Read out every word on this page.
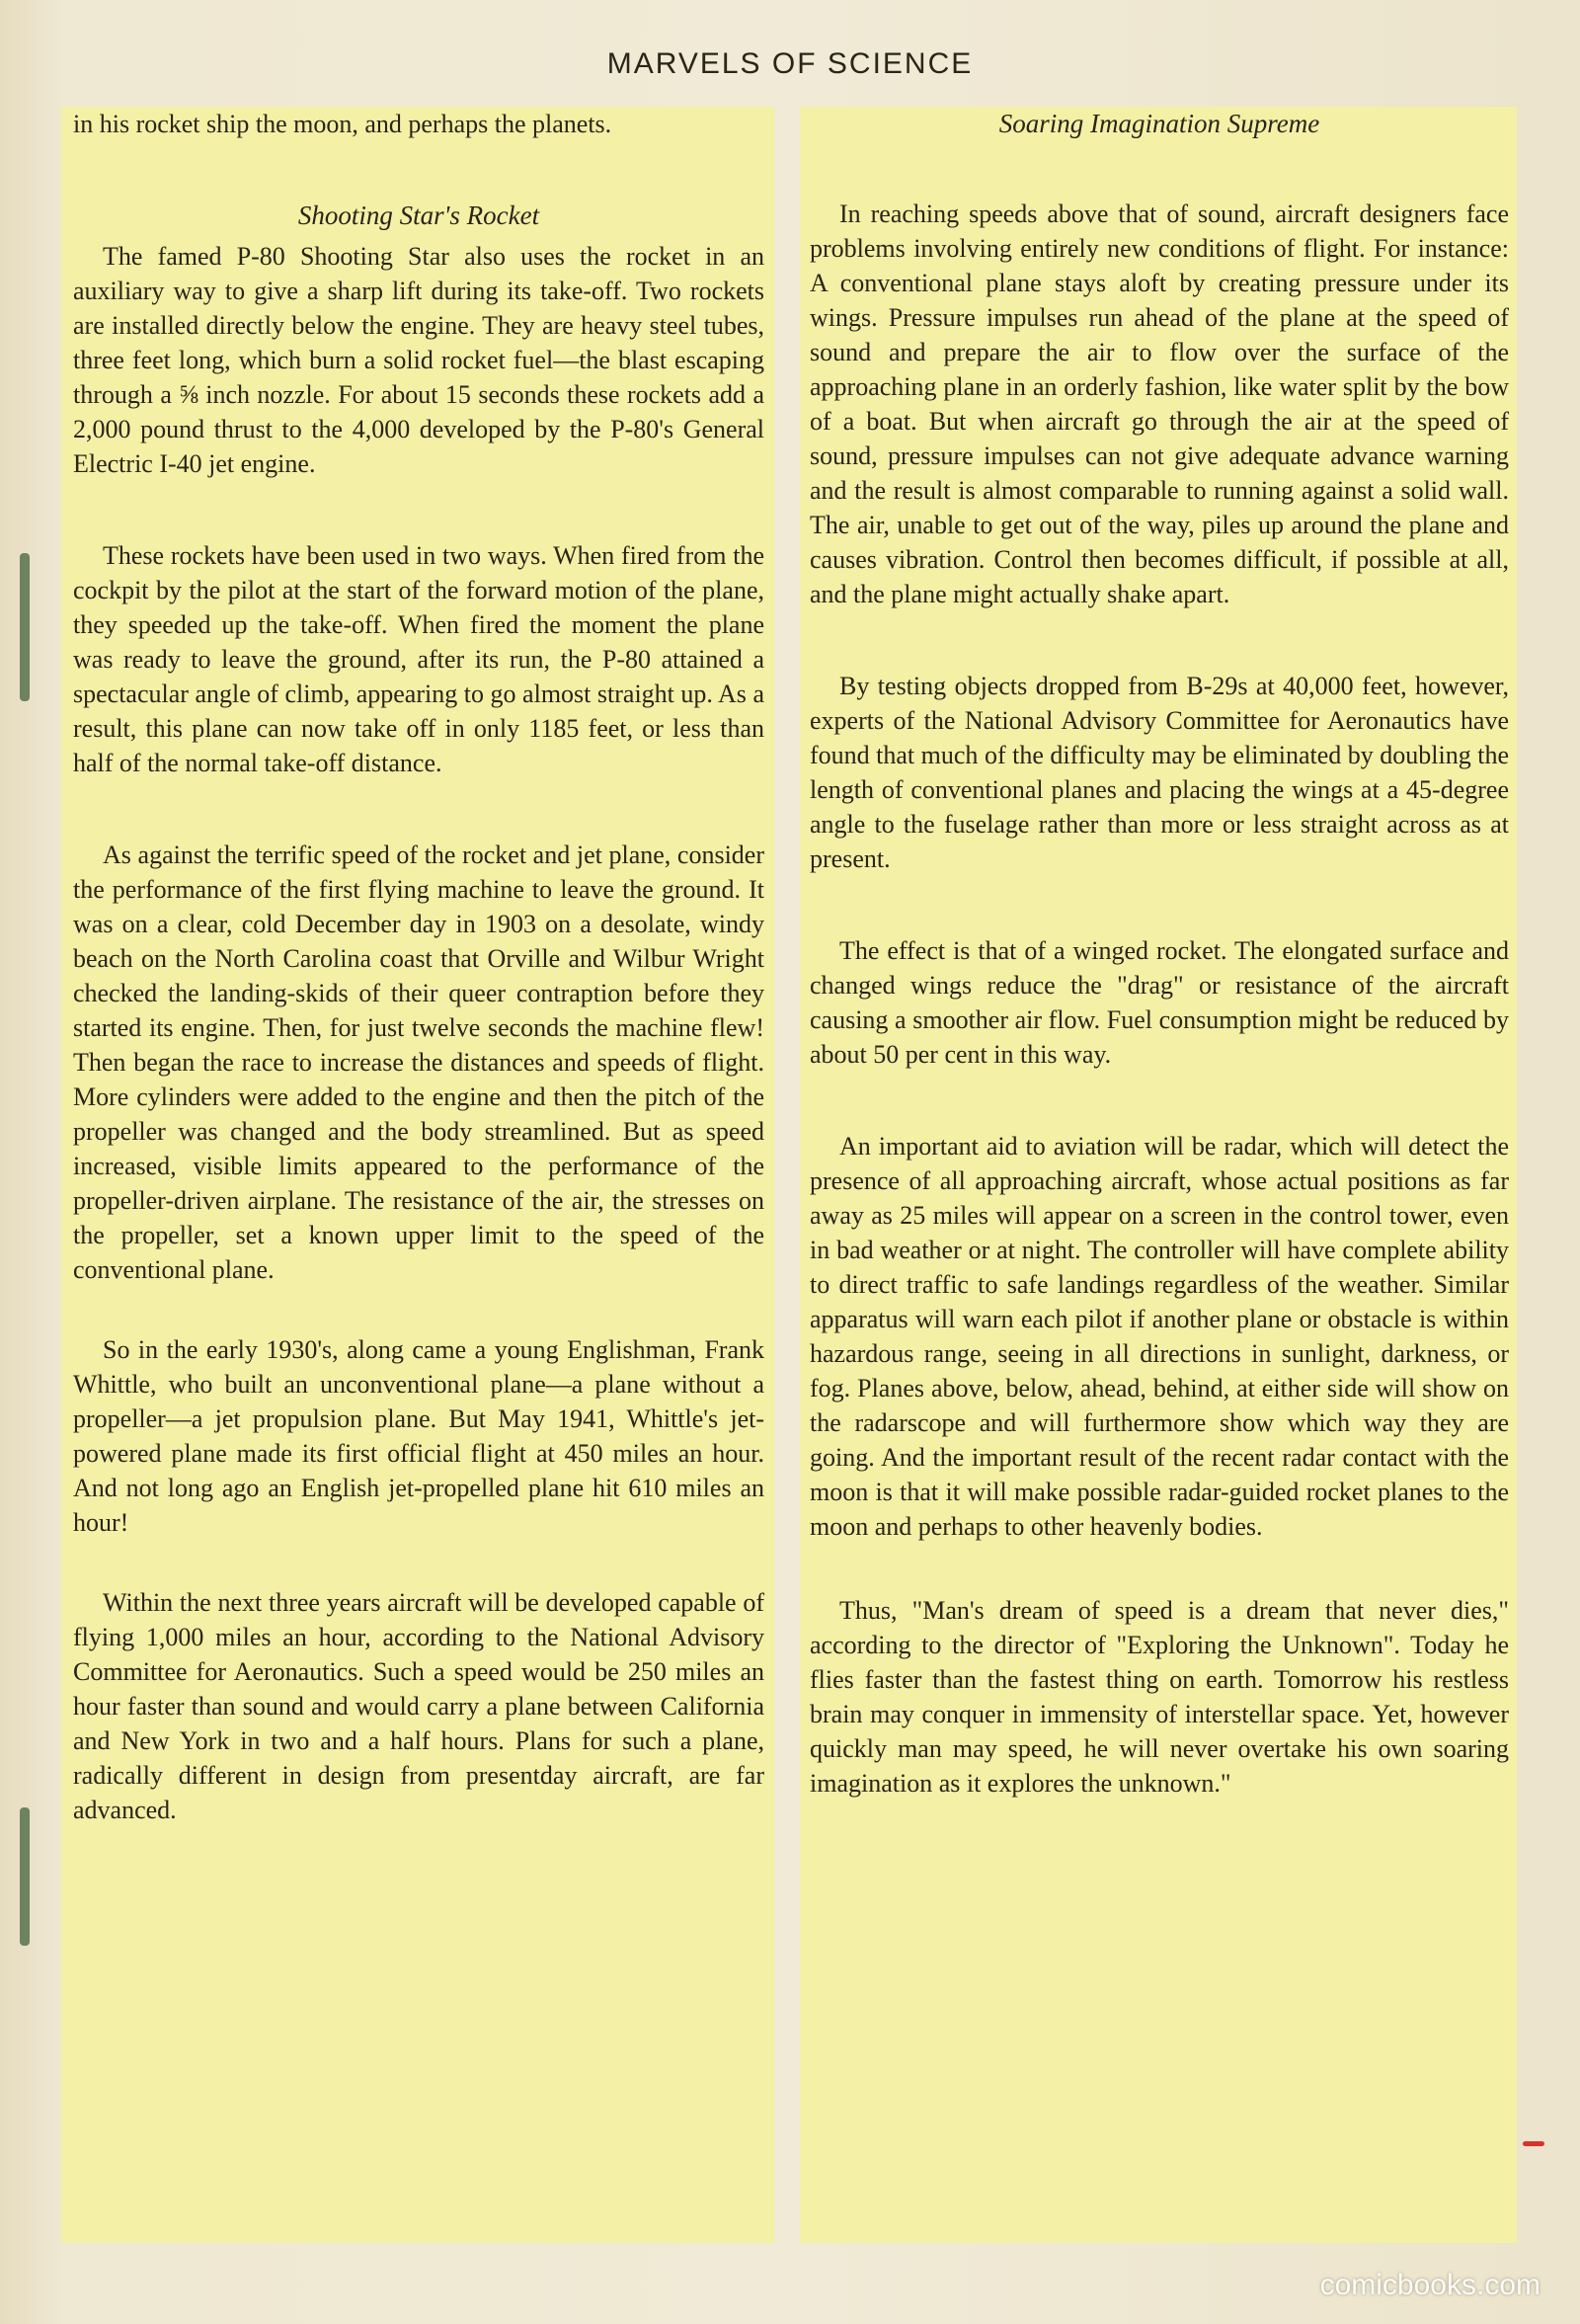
MARVELS OF SCIENCE

in his rocket ship the moon, and perhaps the planets.

Shooting Star's Rocket

The famed P-80 Shooting Star also uses the rocket in an auxiliary way to give a sharp lift during its take-off. Two rockets are installed directly below the engine. They are heavy steel tubes, three feet long, which burn a solid rocket fuel—the blast escaping through a ⅝ inch nozzle. For about 15 seconds these rockets add a 2,000 pound thrust to the 4,000 developed by the P-80's General Electric I-40 jet engine.

These rockets have been used in two ways. When fired from the cockpit by the pilot at the start of the forward motion of the plane, they speeded up the take-off. When fired the moment the plane was ready to leave the ground, after its run, the P-80 attained a spectacular angle of climb, appearing to go almost straight up. As a result, this plane can now take off in only 1185 feet, or less than half of the normal take-off distance.

As against the terrific speed of the rocket and jet plane, consider the performance of the first flying machine to leave the ground. It was on a clear, cold December day in 1903 on a desolate, windy beach on the North Carolina coast that Orville and Wilbur Wright checked the landing-skids of their queer contraption before they started its engine. Then, for just twelve seconds the machine flew! Then began the race to increase the distances and speeds of flight. More cylinders were added to the engine and then the pitch of the propeller was changed and the body streamlined. But as speed increased, visible limits appeared to the performance of the propeller-driven airplane. The resistance of the air, the stresses on the propeller, set a known upper limit to the speed of the conventional plane.

So in the early 1930's, along came a young Englishman, Frank Whittle, who built an unconventional plane—a plane without a propeller—a jet propulsion plane. But May 1941, Whittle's jet-powered plane made its first official flight at 450 miles an hour. And not long ago an English jet-propelled plane hit 610 miles an hour!

Within the next three years aircraft will be developed capable of flying 1,000 miles an hour, according to the National Advisory Committee for Aeronautics. Such a speed would be 250 miles an hour faster than sound and would carry a plane between California and New York in two and a half hours. Plans for such a plane, radically different in design from presentday aircraft, are far advanced.

Soaring Imagination Supreme

In reaching speeds above that of sound, aircraft designers face problems involving entirely new conditions of flight. For instance: A conventional plane stays aloft by creating pressure under its wings. Pressure impulses run ahead of the plane at the speed of sound and prepare the air to flow over the surface of the approaching plane in an orderly fashion, like water split by the bow of a boat. But when aircraft go through the air at the speed of sound, pressure impulses can not give adequate advance warning and the result is almost comparable to running against a solid wall. The air, unable to get out of the way, piles up around the plane and causes vibration. Control then becomes difficult, if possible at all, and the plane might actually shake apart.

By testing objects dropped from B-29s at 40,000 feet, however, experts of the National Advisory Committee for Aeronautics have found that much of the difficulty may be eliminated by doubling the length of conventional planes and placing the wings at a 45-degree angle to the fuselage rather than more or less straight across as at present.

The effect is that of a winged rocket. The elongated surface and changed wings reduce the "drag" or resistance of the aircraft causing a smoother air flow. Fuel consumption might be reduced by about 50 per cent in this way.

An important aid to aviation will be radar, which will detect the presence of all approaching aircraft, whose actual positions as far away as 25 miles will appear on a screen in the control tower, even in bad weather or at night. The controller will have complete ability to direct traffic to safe landings regardless of the weather. Similar apparatus will warn each pilot if another plane or obstacle is within hazardous range, seeing in all directions in sunlight, darkness, or fog. Planes above, below, ahead, behind, at either side will show on the radarscope and will furthermore show which way they are going. And the important result of the recent radar contact with the moon is that it will make possible radar-guided rocket planes to the moon and perhaps to other heavenly bodies.

Thus, "Man's dream of speed is a dream that never dies," according to the director of "Exploring the Unknown". Today he flies faster than the fastest thing on earth. Tomorrow his restless brain may conquer in immensity of interstellar space. Yet, however quickly man may speed, he will never overtake his own soaring imagination as it explores the unknown."

comicbooks.com
